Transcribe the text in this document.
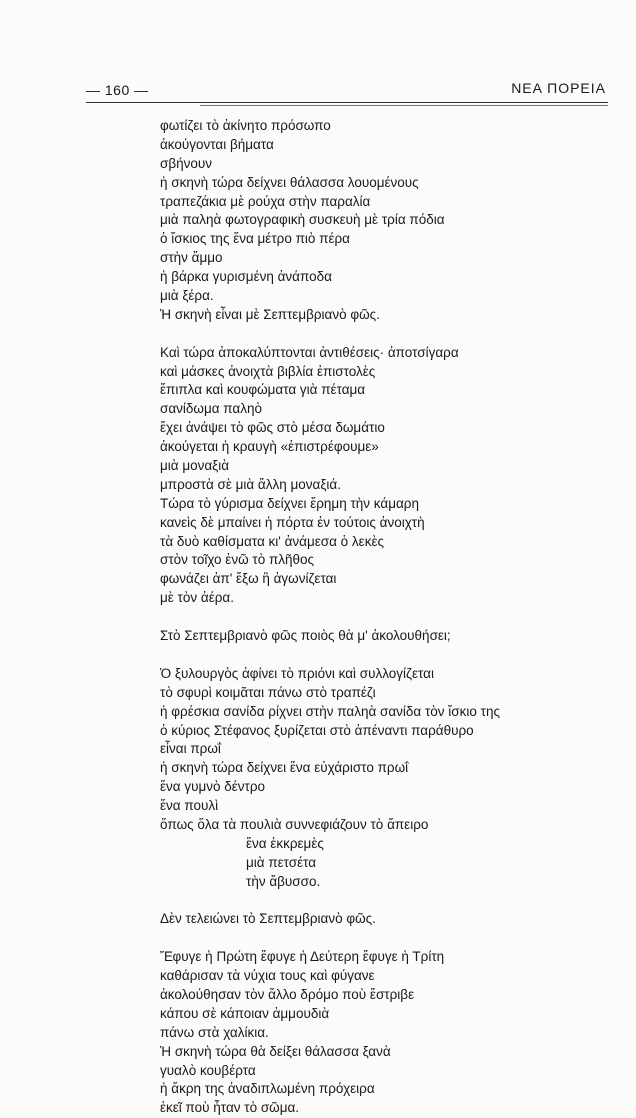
— 160 —	ΝΕΑ ΠΟΡΕΙΑ
φωτίζει τὸ ἀκίνητο πρόσωπο
ἀκούγονται βήματα
σβήνουν
ἡ σκηνὴ τώρα δείχνει θάλασσα λουομένους
τραπεζάκια μὲ ρούχα στὴν παραλία
μιὰ παληὰ φωτογραφικὴ συσκευὴ μὲ τρία πόδια
ὁ ἴσκιος της ἕνα μέτρο πιὸ πέρα
στὴν ἄμμο
ἡ βάρκα γυρισμένη ἀνάποδα
μιὰ ξέρα.
Ἡ σκηνὴ εἶναι μὲ Σεπτεμβριανὸ φῶς.
Καὶ τώρα ἀποκαλύπτονται ἀντιθέσεις· ἀποτσίγαρα
καὶ μάσκες ἀνοιχτὰ βιβλία ἐπιστολὲς
ἔπιπλα καὶ κουφώματα γιὰ πέταμα
σανίδωμα παληὸ
ἔχει ἀνάψει τὸ φῶς στὸ μέσα δωμάτιο
ἀκούγεται ἡ κραυγὴ «ἐπιστρέφουμε»
μιὰ μοναξιὰ
μπροστὰ σὲ μιὰ ἄλλη μοναξιά.
Τώρα τὸ γύρισμα δείχνει ἔρημη τὴν κάμαρη
κανεὶς δὲ μπαίνει ἡ πόρτα ἐν τούτοις ἀνοιχτὴ
τὰ δυὸ καθίσματα κι' ἀνάμεσα ὁ λεκὲς
στὸν τοῖχο ἐνῶ τὸ πλῆθος
φωνάζει ἀπ' ἔξω ἢ ἀγωνίζεται
μὲ τὸν ἀέρα.
Στὸ Σεπτεμβριανὸ φῶς ποιὸς θὰ μ' ἀκολουθήσει;
Ὁ ξυλουργὸς ἀφίνει τὸ πριόνι καὶ συλλογίζεται
τὸ σφυρὶ κοιμᾶται πάνω στὸ τραπέζι
ἡ φρέσκια σανίδα ρίχνει στὴν παληὰ σανίδα τὸν ἴσκιο της
ὁ κύριος Στέφανος ξυρίζεται στὸ ἀπέναντι παράθυρο
εἶναι πρωΐ
ἡ σκηνὴ τώρα δείχνει ἕνα εὐχάριστο πρωΐ
ἕνα γυμνὸ δέντρο
ἕνα πουλὶ
ὅπως ὅλα τὰ πουλιὰ συννεφιάζουν τὸ ἄπειρο
ἕνα ἐκκρεμὲς
μιὰ πετσέτα
τὴν ἄβυσσο.
Δὲν τελειώνει τὸ Σεπτεμβριανὸ φῶς.
Ἔφυγε ἡ Πρώτη ἔφυγε ἡ Δεύτερη ἔφυγε ἡ Τρίτη
καθάρισαν τὰ νύχια τους καὶ φύγανε
ἀκολούθησαν τὸν ἄλλο δρόμο ποὺ ἔστριβε
κάπου σὲ κάποιαν ἀμμουδιὰ
πάνω στὰ χαλίκια.
Ἡ σκηνὴ τώρα θὰ δείξει θάλασσα ξανὰ
γυαλὸ κουβέρτα
ἡ ἄκρη της ἀναδιπλωμένη πρόχειρα
ἐκεῖ ποὺ ἦταν τὸ σῶμα.
